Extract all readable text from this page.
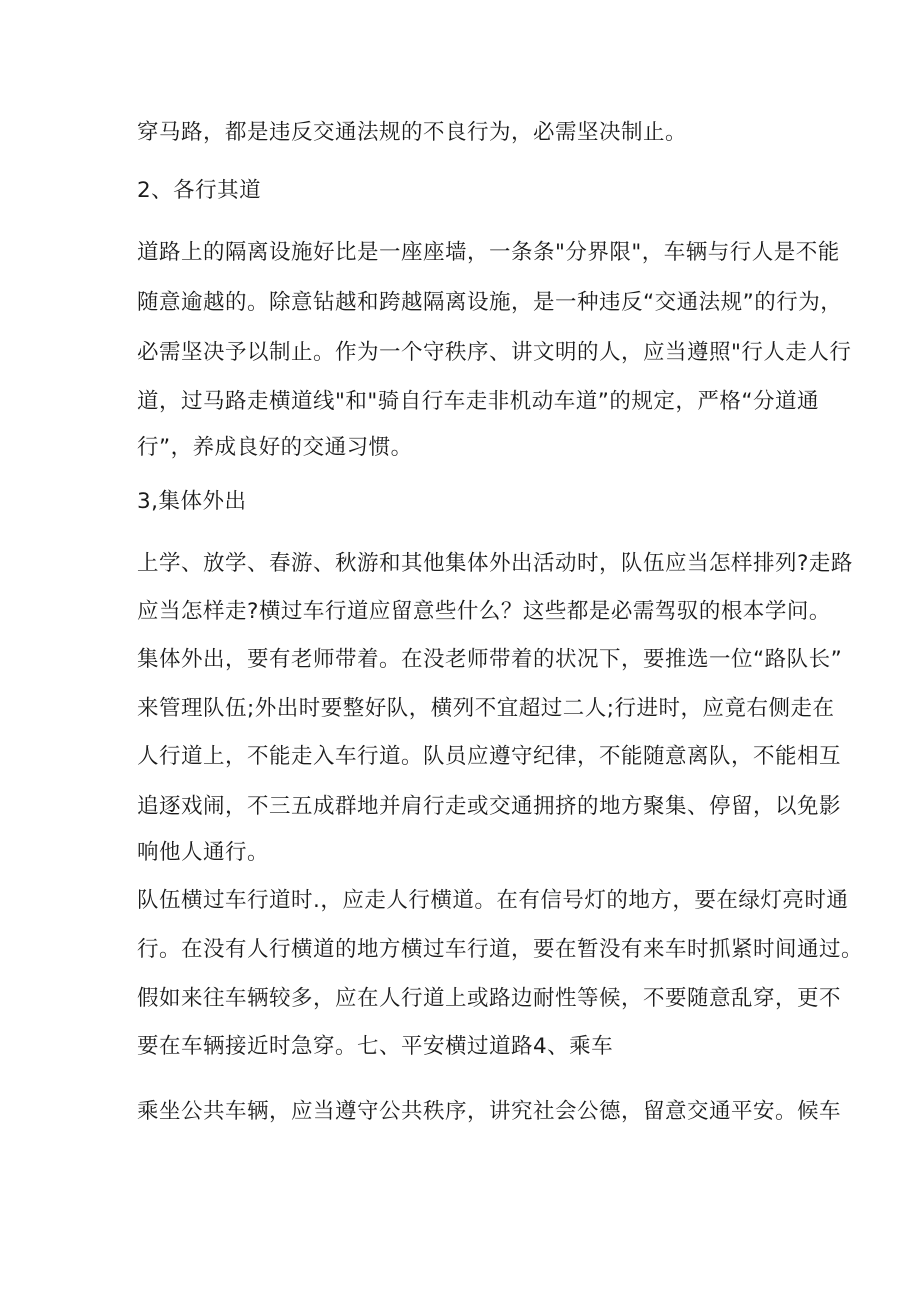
穿马路，都是违反交通法规的不良行为，必需坚决制止。
2、各行其道
道路上的隔离设施好比是一座座墙，一条条"分界限"，车辆与行人是不能
随意逾越的。除意钻越和跨越隔离设施，是一种违反“交通法规”的行为，
必需坚决予以制止。作为一个守秩序、讲文明的人，应当遵照"行人走人行
道，过马路走横道线"和"骑自行车走非机动车道”的规定，严格“分道通
行”，养成良好的交通习惯。
3,集体外出
上学、放学、春游、秋游和其他集体外出活动时，队伍应当怎样排列?走路
应当怎样走?横过车行道应留意些什么？这些都是必需驾驭的根本学问。
集体外出，要有老师带着。在没老师带着的状况下，要推选一位“路队长”
来管理队伍;外出时要整好队，横列不宜超过二人;行进时，应竟右侧走在
人行道上，不能走入车行道。队员应遵守纪律，不能随意离队，不能相互
追逐戏闹，不三五成群地并肩行走或交通拥挤的地方聚集、停留，以免影
响他人通行。
队伍横过车行道时.，应走人行横道。在有信号灯的地方，要在绿灯亮时通
行。在没有人行横道的地方横过车行道，要在暂没有来车时抓紧时间通过。
假如来往车辆较多，应在人行道上或路边耐性等候，不要随意乱穿，更不
要在车辆接近时急穿。七、平安横过道路4、乘车
乘坐公共车辆，应当遵守公共秩序，讲究社会公德，留意交通平安。候车
